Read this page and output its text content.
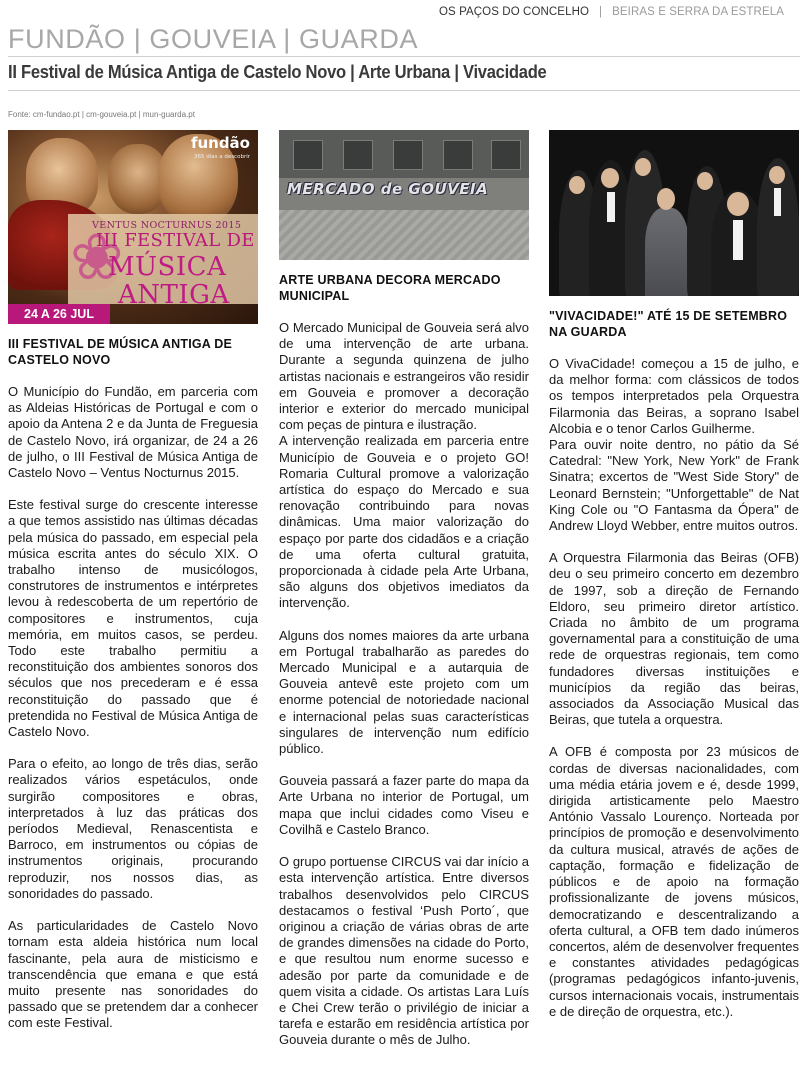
OS PAÇOS DO CONCELHO | BEIRAS E SERRA DA ESTRELA
FUNDÃO | GOUVEIA | GUARDA
II Festival de Música Antiga de Castelo Novo | Arte Urbana | Vivacidade
Fonte: cm-fundao.pt | cm-gouveia.pt | mun-guarda.pt
❀
fundão
365 dias a descobrir
VENTUS NOCTURNUS 2015
III FESTIVAL DE
MÚSICA
ANTIGA
24 A 26 JUL
III FESTIVAL DE MÚSICA ANTIGA DE CASTELO NOVO
O Município do Fundão, em parceria com as Aldeias Históricas de Portugal e com o apoio da Antena 2 e da Junta de Freguesia de Castelo Novo, irá organizar, de 24 a 26 de julho, o III Festival de Música Antiga de Castelo Novo – Ventus Nocturnus 2015.
Este festival surge do crescente interesse a que temos assistido nas últimas décadas pela música do passado, em especial pela música escrita antes do século XIX. O trabalho intenso de musicólogos, construtores de instrumentos e intérpretes levou à redescoberta de um repertório de compositores e instrumentos, cuja memória, em muitos casos, se perdeu. Todo este trabalho permitiu a reconstituição dos ambientes sonoros dos séculos que nos precederam e é essa reconstituição do passado que é pretendida no Festival de Música Antiga de Castelo Novo.
Para o efeito, ao longo de três dias, serão realizados vários espetáculos, onde surgirão compositores e obras, interpretados à luz das práticas dos períodos Medieval, Renascentista e Barroco, em instrumentos ou cópias de instrumentos originais, procurando reproduzir, nos nossos dias, as sonoridades do passado.
As particularidades de Castelo Novo tornam esta aldeia histórica num local fascinante, pela aura de misticismo e transcendência que emana e que está muito presente nas sonoridades do passado que se pretendem dar a conhecer com este Festival.
MERCADO de GOUVEIA
ARTE URBANA DECORA MERCADO MUNICIPAL
O Mercado Municipal de Gouveia será alvo de uma intervenção de arte urbana. Durante a segunda quinzena de julho artistas nacionais e estrangeiros vão residir em Gouveia e promover a decoração interior e exterior do mercado municipal com peças de pintura e ilustração.
A intervenção realizada em parceria entre Município de Gouveia e o projeto GO! Romaria Cultural promove a valorização artística do espaço do Mercado e sua renovação contribuindo para novas dinâmicas. Uma maior valorização do espaço por parte dos cidadãos e a criação de uma oferta cultural gratuita, proporcionada à cidade pela Arte Urbana, são alguns dos objetivos imediatos da intervenção.
Alguns dos nomes maiores da arte urbana em Portugal trabalharão as paredes do Mercado Municipal e a autarquia de Gouveia antevê este projeto com um enorme potencial de notoriedade nacional e internacional pelas suas características singulares de intervenção num edifício público.
Gouveia passará a fazer parte do mapa da Arte Urbana no interior de Portugal, um mapa que inclui cidades como Viseu e Covilhã e Castelo Branco.
O grupo portuense CIRCUS vai dar início a esta intervenção artística. Entre diversos trabalhos desenvolvidos pelo CIRCUS destacamos o festival ‘Push Porto´, que originou a criação de várias obras de arte de grandes dimensões na cidade do Porto, e que resultou num enorme sucesso e adesão por parte da comunidade e de quem visita a cidade. Os artistas Lara Luís e Chei Crew terão o privilégio de iniciar a tarefa e estarão em residência artística por Gouveia durante o mês de Julho.
"VIVACIDADE!" ATÉ 15 DE SETEMBRO NA GUARDA
O VivaCidade! começou a 15 de julho, e da melhor forma: com clássicos de todos os tempos interpretados pela Orquestra Filarmonia das Beiras, a soprano Isabel Alcobia e o tenor Carlos Guilherme.
Para ouvir noite dentro, no pátio da Sé Catedral: "New York, New York" de Frank Sinatra; excertos de "West Side Story" de Leonard Bernstein; "Unforgettable" de Nat King Cole ou "O Fantasma da Ópera" de Andrew Lloyd Webber, entre muitos outros.
A Orquestra Filarmonia das Beiras (OFB) deu o seu primeiro concerto em dezembro de 1997, sob a direção de Fernando Eldoro, seu primeiro diretor artístico. Criada no âmbito de um programa governamental para a constituição de uma rede de orquestras regionais, tem como fundadores diversas instituições e municípios da região das beiras, associados da Associação Musical das Beiras, que tutela a orquestra.
A OFB é composta por 23 músicos de cordas de diversas nacionalidades, com uma média etária jovem e é, desde 1999, dirigida artisticamente pelo Maestro António Vassalo Lourenço. Norteada por princípios de promoção e desenvolvimento da cultura musical, através de ações de captação, formação e fidelização de públicos e de apoio na formação profissionalizante de jovens músicos, democratizando e descentralizando a oferta cultural, a OFB tem dado inúmeros concertos, além de desenvolver frequentes e constantes atividades pedagógicas (programas pedagógicos infanto-juvenis, cursos internacionais vocais, instrumentais e de direção de orquestra, etc.).
